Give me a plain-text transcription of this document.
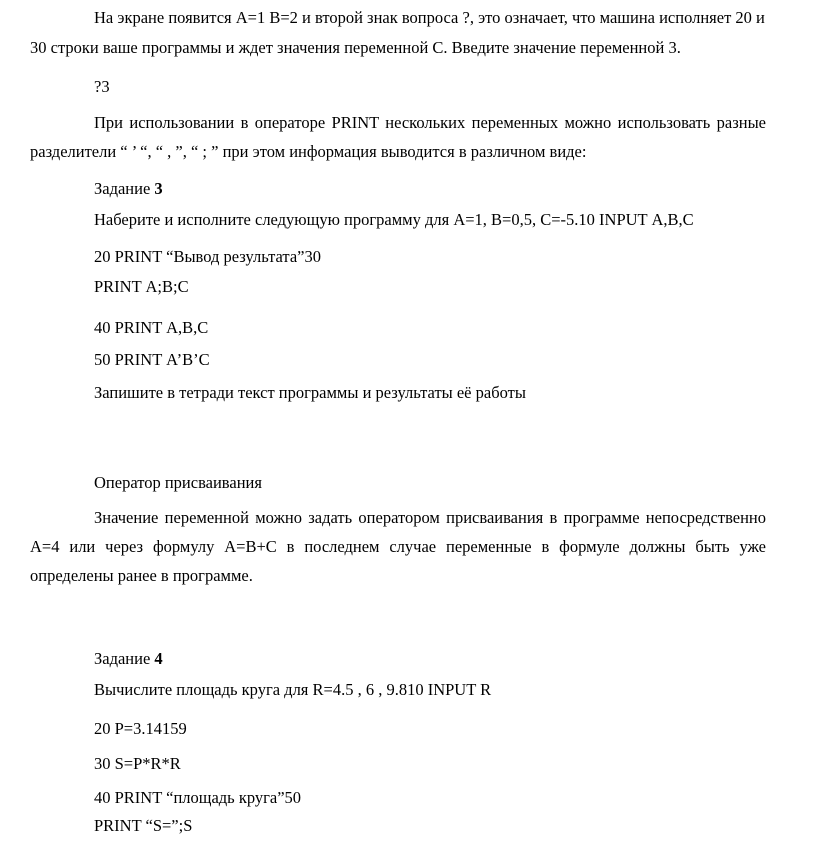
На экране появится А=1 В=2 и второй знак вопроса ?, это означает, что машина исполняет 20 и
30 строки ваше программы и ждет значения переменной С. Введите значение переменной 3.
?3
При использовании в операторе PRINT нескольких переменных можно использовать разные
разделители “ ’ “, “ , ”, “ ; ” при этом информация выводится в различном виде:
Задание 3
Наберите и исполните следующую программу для А=1, В=0,5, С=-5.10 INPUT А,В,С
20 PRINT “Вывод результата”30
PRINT А;В;С
40 PRINT А,В,С
50 PRINT А’В’С
Запишите в тетради текст программы и результаты её работы
Оператор присваивания
Значение переменной можно задать оператором присваивания в программе непосредственно
А=4 или через формулу А=В+С в последнем случае переменные в формуле должны быть уже
определены ранее в программе.
Задание 4
Вычислите площадь круга для R=4.5 , 6 , 9.810 INPUT R
20 P=3.14159
30 S=P*R*R
40 PRINT “площадь круга”50
PRINT “S=”;S
